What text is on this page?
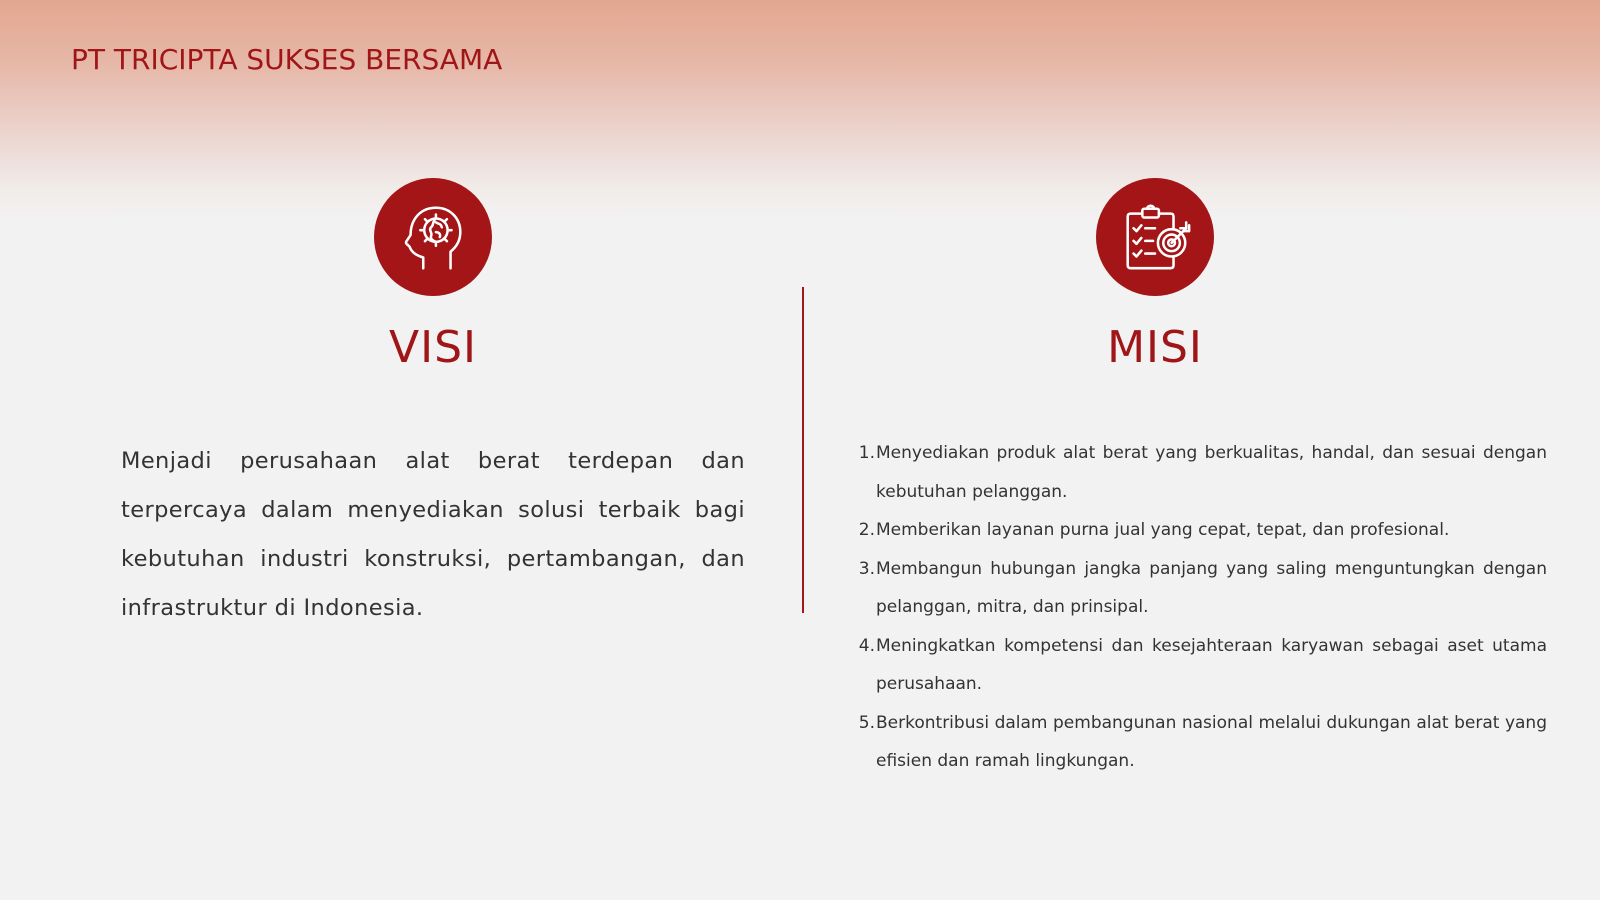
PT TRICIPTA SUKSES BERSAMA
VISI	MISI

Menjadi perusahaan alat berat terdepan dan terpercaya dalam menyediakan solusi terbaik bagi kebutuhan industri konstruksi, pertambangan, dan infrastruktur di Indonesia.

1. Menyediakan produk alat berat yang berkualitas, handal, dan sesuai dengan kebutuhan pelanggan.
2. Memberikan layanan purna jual yang cepat, tepat, dan profesional.
3. Membangun hubungan jangka panjang yang saling menguntungkan dengan pelanggan, mitra, dan prinsipal.
4. Meningkatkan kompetensi dan kesejahteraan karyawan sebagai aset utama perusahaan.
5. Berkontribusi dalam pembangunan nasional melalui dukungan alat berat yang efisien dan ramah lingkungan.
